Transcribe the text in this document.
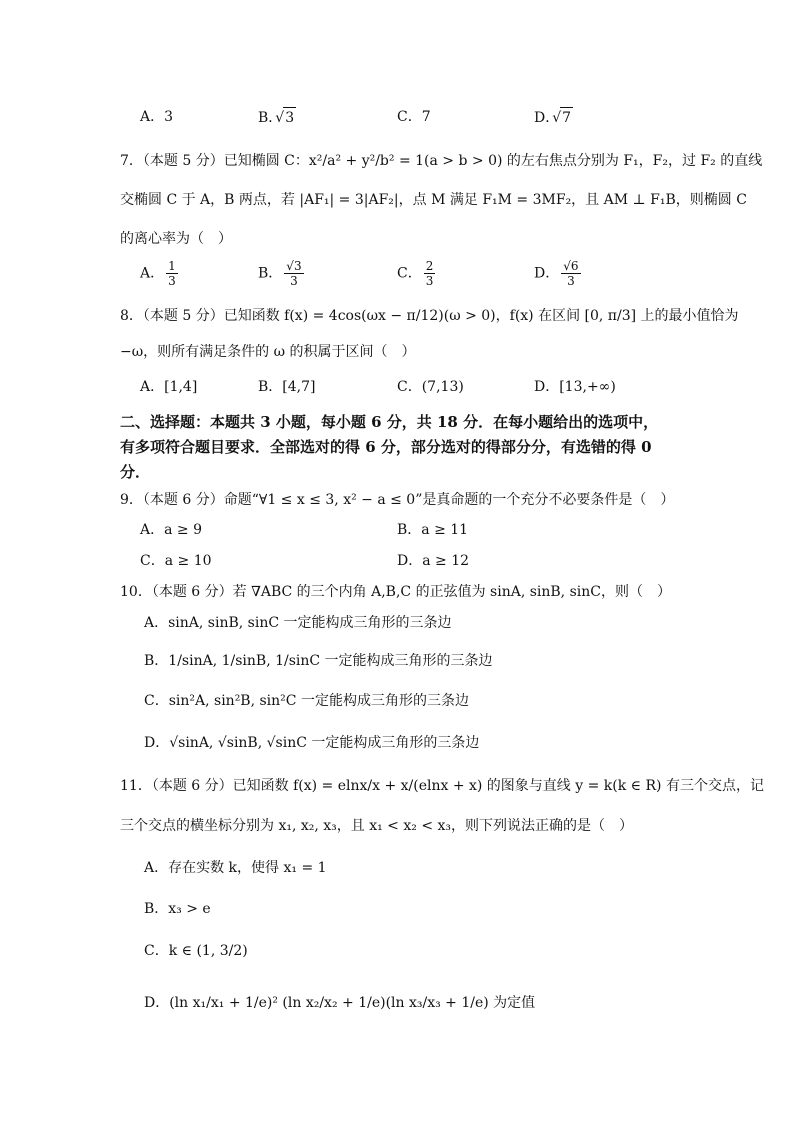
A．3	B． √ 3	C．7	D． √ 7
7．（本题 5 分）已知椭圆 C：x²/a² + y²/b² = 1(a > b > 0) 的左右焦点分别为 F₁，F₂，过 F₂ 的直线
交椭圆 C 于 A，B 两点，若 |AF₁| = 3|AF₂|，点 M 满足 F₁M = 3MF₂，且 AM ⊥ F₁B，则椭圆 C
的离心率为（　）
A． $\frac{1}{3}$	B． $\frac{√3}{3}$	C． $\frac{2}{3}$	D． $\frac{√6}{3}$
8．（本题 5 分）已知函数 f(x) = 4cos(ωx − π/12)(ω > 0)，f(x) 在区间 [0, π/3] 上的最小值恰为
−ω，则所有满足条件的 ω 的积属于区间（　）
A．[1,4]	B．[4,7]	C．(7,13)	D．[13,+∞)
二、选择题：本题共 3 小题，每小题 6 分，共 18 分．在每小题给出的选项中，
有多项符合题目要求．全部选对的得 6 分，部分选对的得部分分，有选错的得 0
分．
9．（本题 6 分）命题“∀1 ≤ x ≤ 3, x² − a ≤ 0”是真命题的一个充分不必要条件是（　）
A．a ≥ 9	B．a ≥ 11
C．a ≥ 10	D．a ≥ 12
10．（本题 6 分）若 ∇ABC 的三个内角 A,B,C 的正弦值为 sinA, sinB, sinC，则（　）
A．sinA, sinB, sinC 一定能构成三角形的三条边
B．1/sinA, 1/sinB, 1/sinC 一定能构成三角形的三条边
C．sin²A, sin²B, sin²C 一定能构成三角形的三条边
D．√sinA, √sinB, √sinC 一定能构成三角形的三条边
11．（本题 6 分）已知函数 f(x) = elnx/x + x/(elnx + x) 的图象与直线 y = k(k ∈ R) 有三个交点，记
三个交点的横坐标分别为 x₁, x₂, x₃，且 x₁ < x₂ < x₃，则下列说法正确的是（　）
A．存在实数 k，使得 x₁ = 1
B．x₃ > e
C．k ∈ (1, 3/2)
D．(ln x₁/x₁ + 1/e)² (ln x₂/x₂ + 1/e)(ln x₃/x₃ + 1/e) 为定值
